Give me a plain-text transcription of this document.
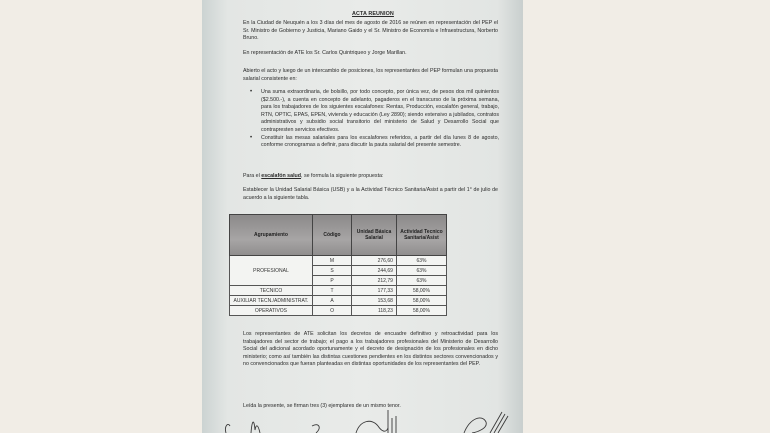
ACTA REUNION
En la Ciudad de Neuquén a los 3 días del mes de agosto de 2016 se reúnen en representación del PEP el Sr. Ministro de Gobierno y Justicia, Mariano Gaido y el Sr. Ministro de Economía e Infraestructura, Norberto Bruno.
En representación de ATE los Sr. Carlos Quintriqueo y Jorge Marillan.
Abierto el acto y luego de un intercambio de posiciones, los representantes del PEP formulan una propuesta salarial consistente en:
• Una suma extraordinaria, de bolsillo, por todo concepto, por única vez, de pesos dos mil quinientos ($2.500.-), a cuenta en concepto de adelanto, pagaderos en el transcurso de la próxima semana, para los trabajadores de los siguientes escalafones: Rentas, Producción, escalafón general, trabajo, RTN, OPTIC, EPAS, EPEN, vivienda y educación (Ley 2890); siendo extensivo a jubilados, contratos administrativos y subsidio social transitorio del ministerio de Salud y Desarrollo Social que contrapresten servicios efectivos.
• Constituir las mesas salariales para los escalafones referidos, a partir del día lunes 8 de agosto, conforme cronogramas a definir, para discutir la pauta salarial del presente semestre.
Para el escalafón salud, se formula la siguiente propuesta:
Establecer la Unidad Salarial Básica (USB) y a la Actividad Técnico Sanitaria/Asist a partir del 1° de julio de acuerdo a la siguiente tabla.
Agrupamiento	Código	Unidad Básica Salarial	Actividad Tecnico Sanitaria/Asist
PROFESIONAL	M	276,60	63%
	S	244,69	63%
	P	212,79	63%
TECNICO	T	177,33	58,00%
AUXILIAR TECN./ADMINISTRAT.	A	153,68	58,00%
OPERATIVOS	O	118,23	58,00%
Los representantes de ATE solicitan los decretos de encuadre definitivo y retroactividad para los trabajadores del sector de trabajo; el pago a los trabajadores profesionales del Ministerio de Desarrollo Social del adicional acordado oportunamente y el decreto de designación de los profesionales en dicho ministerio; como así también las distintas cuestiones pendientes en los distintos sectores convencionados y no convencionados que fueran planteadas en distintas oportunidades de los representantes del PEP.
Leída la presente, se firman tres (3) ejemplares de un mismo tenor.
